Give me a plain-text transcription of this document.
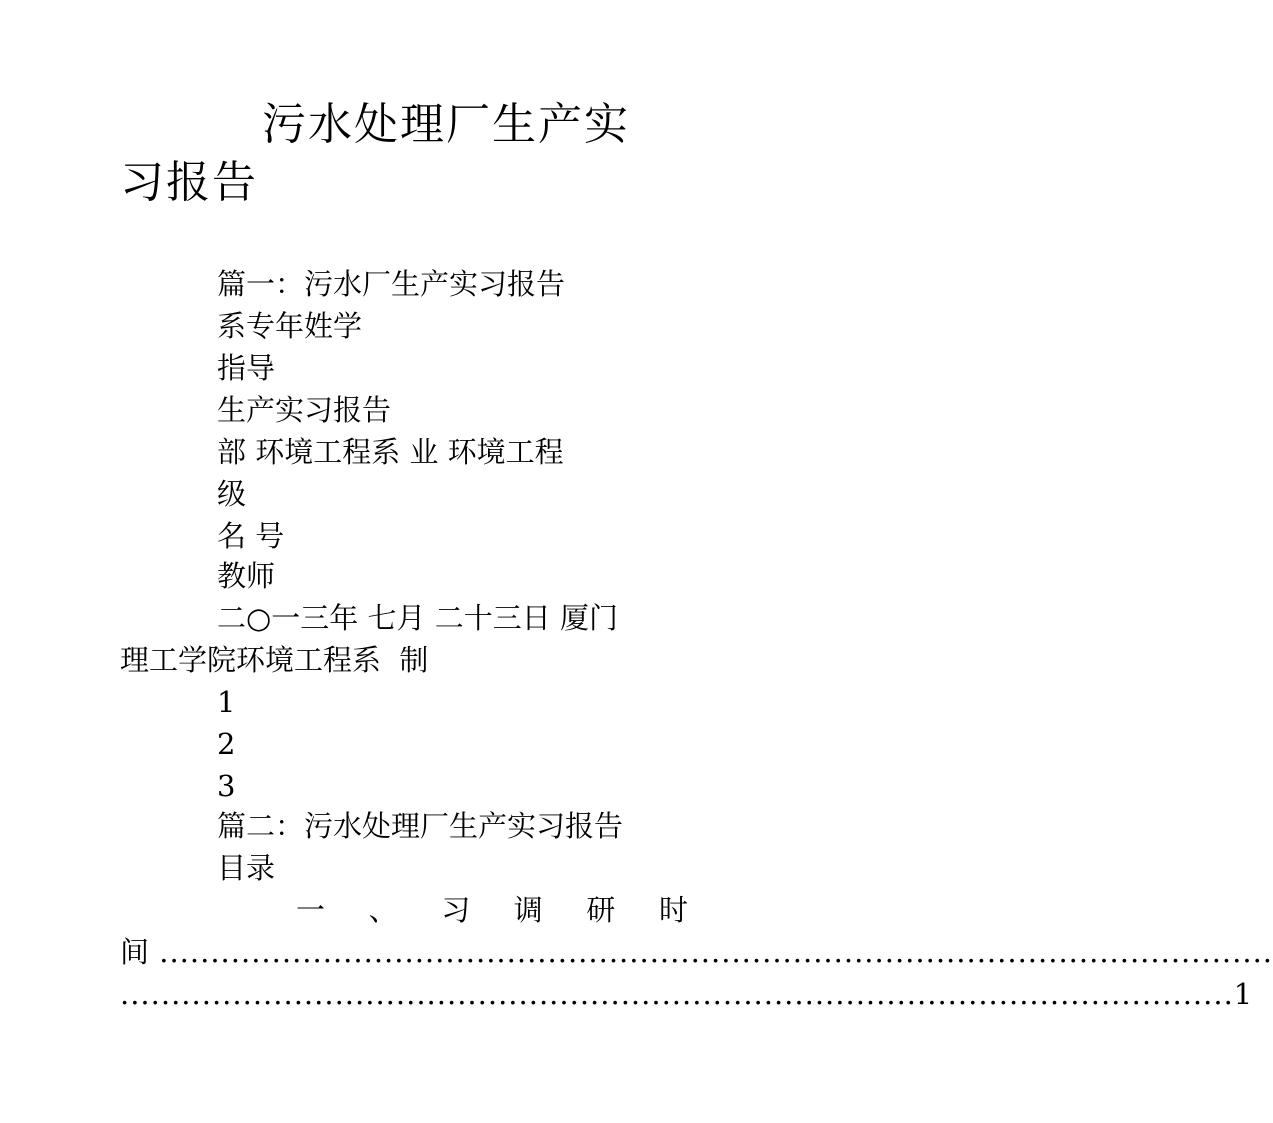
污水处理厂生产实
习报告
篇一：污水厂生产实习报告
系专年姓学
指导
生产实习报告
部 环境工程系 业 环境工程
级
名 号
教师
二○一三年 七月 二十三日 厦门
理工学院环境工程系  制
1
2
3
篇二：污水处理厂生产实习报告
目录
一 、 习 调 研 时
间 .............................................................................................................
............................................................................................................. 1
